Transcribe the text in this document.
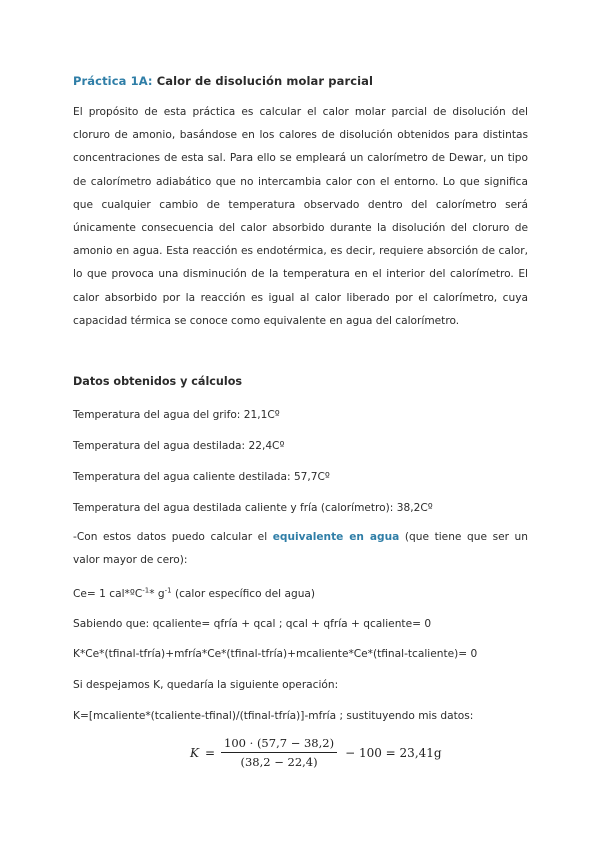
Práctica 1A: Calor de disolución molar parcial

El propósito de esta práctica es calcular el calor molar parcial de disolución del cloruro de amonio, basándose en los calores de disolución obtenidos para distintas concentraciones de esta sal. Para ello se empleará un calorímetro de Dewar, un tipo de calorímetro adiabático que no intercambia calor con el entorno. Lo que significa que cualquier cambio de temperatura observado dentro del calorímetro será únicamente consecuencia del calor absorbido durante la disolución del cloruro de amonio en agua. Esta reacción es endotérmica, es decir, requiere absorción de calor, lo que provoca una disminución de la temperatura en el interior del calorímetro. El calor absorbido por la reacción es igual al calor liberado por el calorímetro, cuya capacidad térmica se conoce como equivalente en agua del calorímetro.

Datos obtenidos y cálculos

Temperatura del agua del grifo: 21,1Cº

Temperatura del agua destilada: 22,4Cº

Temperatura del agua caliente destilada: 57,7Cº

Temperatura del agua destilada caliente y fría (calorímetro): 38,2Cº

-Con estos datos puedo calcular el equivalente en agua (que tiene que ser un valor mayor de cero):

Ce= 1 cal*ºC$^{-1}$* $g^{-1}$ (calor específico del agua)

Sabiendo que: qcaliente= qfría + qcal ; qcal + qfría + qcaliente= 0

K*Ce*(tfinal-tfría)+mfría*Ce*(tfinal-tfría)+mcaliente*Ce*(tfinal-tcaliente)= 0

Si despejamos K, quedaría la siguiente operación:

K=[mcaliente*(tcaliente-tfinal)/(tfinal-tfría)]-mfría ; sustituyendo mis datos:

$K = \frac{100 \cdot (57,7 - 38,2)}{(38,2 - 22,4)} - 100 = 23,41g$
